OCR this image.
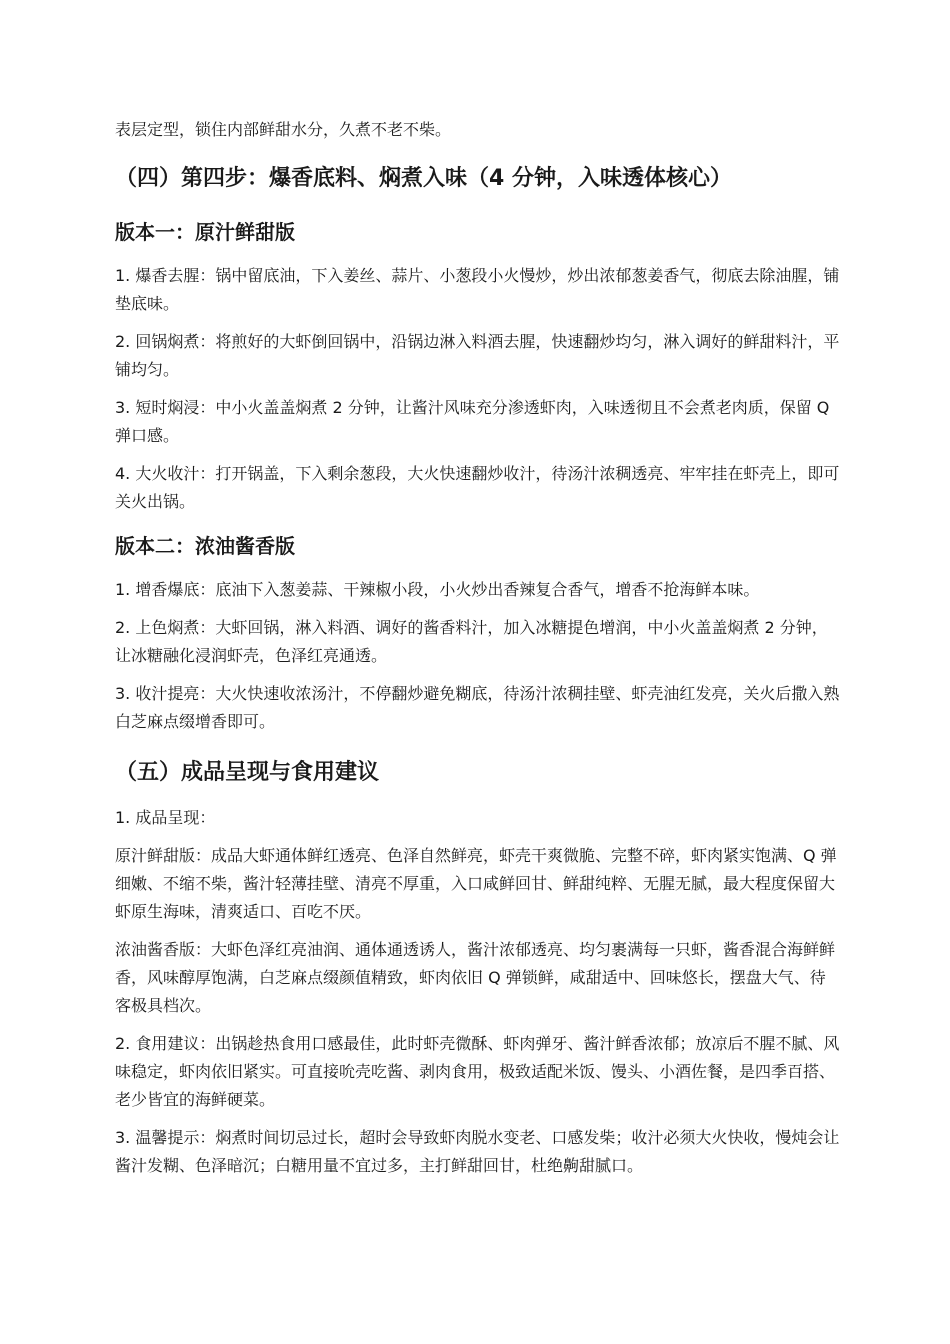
表层定型，锁住内部鲜甜水分，久煮不老不柴。

（四）第四步：爆香底料、焖煮入味（4 分钟，入味透体核心）
版本一：原汁鲜甜版

1. 爆香去腥：锅中留底油，下入姜丝、蒜片、小葱段小火慢炒，炒出浓郁葱姜香气，彻底去除油腥，铺垫底味。

2. 回锅焖煮：将煎好的大虾倒回锅中，沿锅边淋入料酒去腥，快速翻炒均匀，淋入调好的鲜甜料汁，平铺均匀。

3. 短时焖浸：中小火盖盖焖煮 2 分钟，让酱汁风味充分渗透虾肉，入味透彻且不会煮老肉质，保留 Q 弹口感。

4. 大火收汁：打开锅盖，下入剩余葱段，大火快速翻炒收汁，待汤汁浓稠透亮、牢牢挂在虾壳上，即可关火出锅。

版本二：浓油酱香版

1. 增香爆底：底油下入葱姜蒜、干辣椒小段，小火炒出香辣复合香气，增香不抢海鲜本味。

2. 上色焖煮：大虾回锅，淋入料酒、调好的酱香料汁，加入冰糖提色增润，中小火盖盖焖煮 2 分钟，让冰糖融化浸润虾壳，色泽红亮通透。

3. 收汁提亮：大火快速收浓汤汁，不停翻炒避免糊底，待汤汁浓稠挂壁、虾壳油红发亮，关火后撒入熟白芝麻点缀增香即可。

（五）成品呈现与食用建议

1. 成品呈现：

原汁鲜甜版：成品大虾通体鲜红透亮、色泽自然鲜亮，虾壳干爽微脆、完整不碎，虾肉紧实饱满、Q 弹细嫩、不缩不柴，酱汁轻薄挂壁、清亮不厚重，入口咸鲜回甘、鲜甜纯粹、无腥无腻，最大程度保留大虾原生海味，清爽适口、百吃不厌。

浓油酱香版：大虾色泽红亮油润、通体通透诱人，酱汁浓郁透亮、均匀裹满每一只虾，酱香混合海鲜鲜香，风味醇厚饱满，白芝麻点缀颜值精致，虾肉依旧 Q 弹锁鲜，咸甜适中、回味悠长，摆盘大气、待客极具档次。

2. 食用建议：出锅趁热食用口感最佳，此时虾壳微酥、虾肉弹牙、酱汁鲜香浓郁；放凉后不腥不腻、风味稳定，虾肉依旧紧实。可直接吮壳吃酱、剥肉食用，极致适配米饭、馒头、小酒佐餐，是四季百搭、老少皆宜的海鲜硬菜。

3. 温馨提示：焖煮时间切忌过长，超时会导致虾肉脱水变老、口感发柴；收汁必须大火快收，慢炖会让酱汁发糊、色泽暗沉；白糖用量不宜过多，主打鲜甜回甘，杜绝齁甜腻口。
